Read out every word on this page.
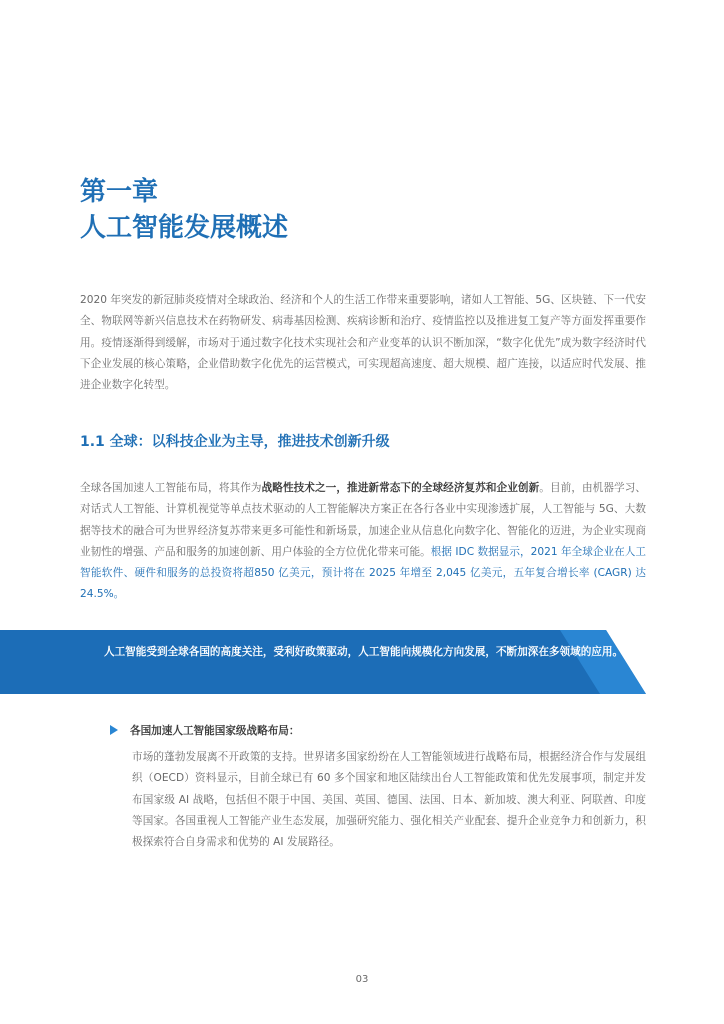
第一章
人工智能发展概述
2020 年突发的新冠肺炎疫情对全球政治、经济和个人的生活工作带来重要影响，诸如人工智能、5G、区块链、下一代安全、物联网等新兴信息技术在药物研发、病毒基因检测、疾病诊断和治疗、疫情监控以及推进复工复产等方面发挥重要作用。疫情逐渐得到缓解，市场对于通过数字化技术实现社会和产业变革的认识不断加深，“数字化优先”成为数字经济时代下企业发展的核心策略，企业借助数字化优先的运营模式，可实现超高速度、超大规模、超广连接，以适应时代发展、推进企业数字化转型。
1.1 全球：以科技企业为主导，推进技术创新升级
全球各国加速人工智能布局，将其作为战略性技术之一，推进新常态下的全球经济复苏和企业创新。目前，由机器学习、对话式人工智能、计算机视觉等单点技术驱动的人工智能解决方案正在各行各业中实现渗透扩展，人工智能与 5G、大数据等技术的融合可为世界经济复苏带来更多可能性和新场景，加速企业从信息化向数字化、智能化的迈进，为企业实现商业韧性的增强、产品和服务的加速创新、用户体验的全方位优化带来可能。根据 IDC 数据显示，2021 年全球企业在人工智能软件、硬件和服务的总投资将超850 亿美元，预计将在 2025 年增至 2,045 亿美元，五年复合增长率 (CAGR) 达 24.5%。
人工智能受到全球各国的高度关注，受利好政策驱动，人工智能向规模化方向发展，不断加深在多领域的应用。
各国加速人工智能国家级战略布局：
市场的蓬勃发展离不开政策的支持。世界诸多国家纷纷在人工智能领域进行战略布局，根据经济合作与发展组织（OECD）资料显示，目前全球已有 60 多个国家和地区陆续出台人工智能政策和优先发展事项，制定并发布国家级 AI 战略，包括但不限于中国、美国、英国、德国、法国、日本、新加坡、澳大利亚、阿联酋、印度等国家。各国重视人工智能产业生态发展，加强研究能力、强化相关产业配套、提升企业竞争力和创新力，积极探索符合自身需求和优势的 AI 发展路径。
03
